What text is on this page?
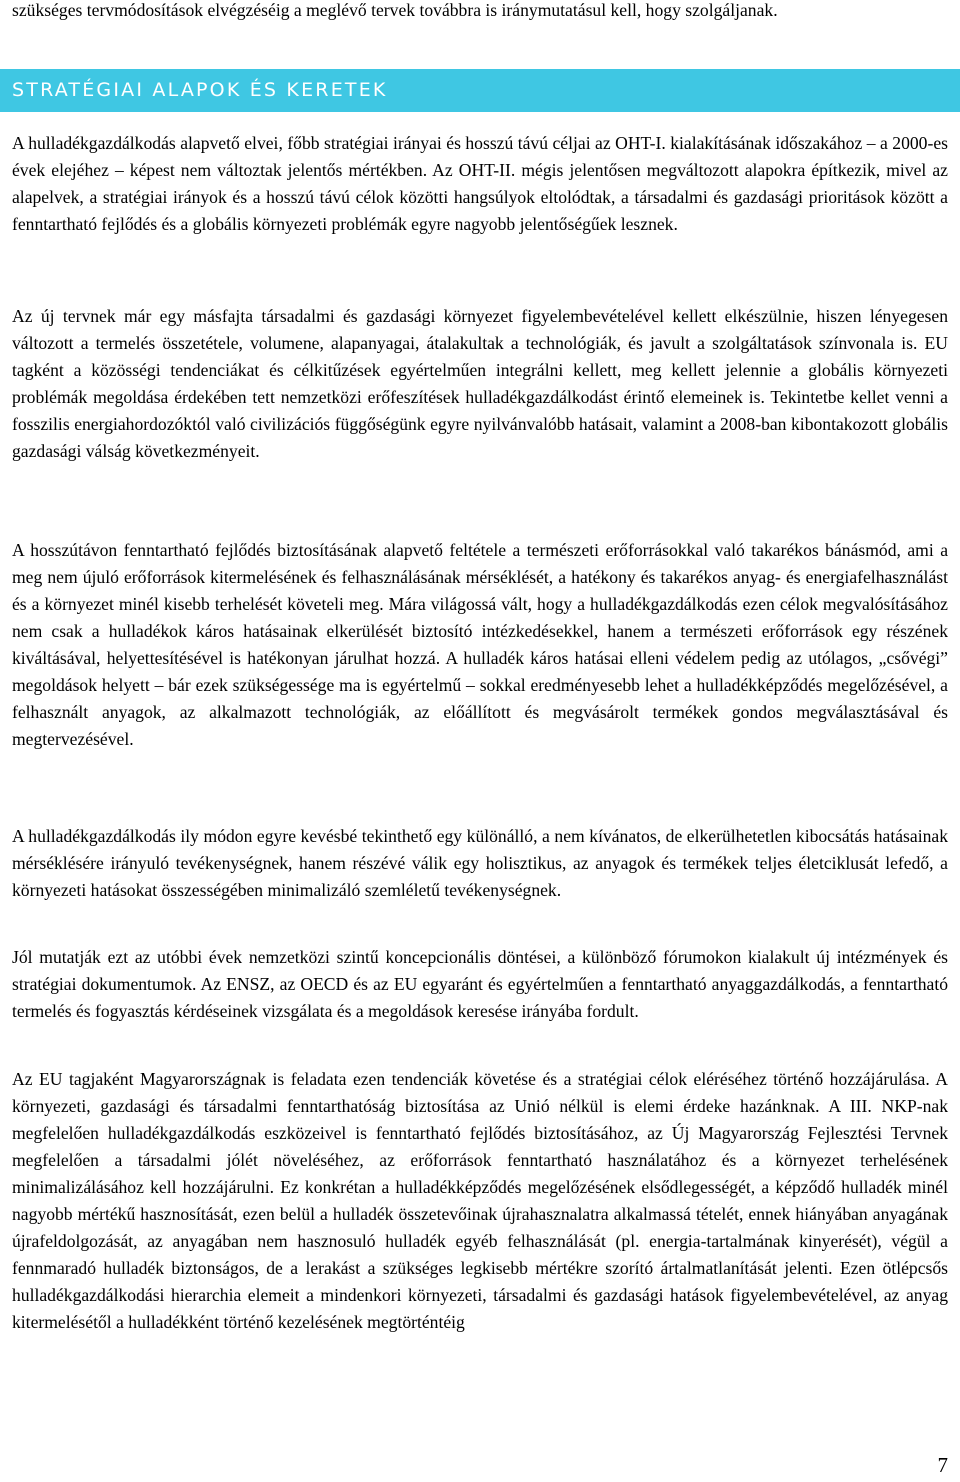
szükséges tervmódosítások elvégzéséig a meglévő tervek továbbra is iránymutatásul kell, hogy szolgáljanak.

STRATÉGIAI ALAPOK ÉS KERETEK

A hulladékgazdálkodás alapvető elvei, főbb stratégiai irányai és hosszú távú céljai az OHT-I. kialakításának időszakához – a 2000-es évek elejéhez – képest nem változtak jelentős mértékben. Az OHT-II. mégis jelentősen megváltozott alapokra építkezik, mivel az alapelvek, a stratégiai irányok és a hosszú távú célok közötti hangsúlyok eltolódtak, a társadalmi és gazdasági prioritások között a fenntartható fejlődés és a globális környezeti problémák egyre nagyobb jelentőségűek lesznek.

Az új tervnek már egy másfajta társadalmi és gazdasági környezet figyelembevételével kellett elkészülnie, hiszen lényegesen változott a termelés összetétele, volumene, alapanyagai, átalakultak a technológiák, és javult a szolgáltatások színvonala is. EU tagként a közösségi tendenciákat és célkitűzések egyértelműen integrálni kellett, meg kellett jelennie a globális környezeti problémák megoldása érdekében tett nemzetközi erőfeszítések hulladékgazdálkodást érintő elemeinek is. Tekintetbe kellet venni a fosszilis energiahordozóktól való civilizációs függőségünk egyre nyilvánvalóbb hatásait, valamint a 2008-ban kibontakozott globális gazdasági válság következményeit.

A hosszútávon fenntartható fejlődés biztosításának alapvető feltétele a természeti erőforrásokkal való takarékos bánásmód, ami a meg nem újuló erőforrások kitermelésének és felhasználásának mérséklését, a hatékony és takarékos anyag- és energiafelhasználást és a környezet minél kisebb terhelését követeli meg. Mára világossá vált, hogy a hulladékgazdálkodás ezen célok megvalósításához nem csak a hulladékok káros hatásainak elkerülését biztosító intézkedésekkel, hanem a természeti erőforrások egy részének kiváltásával, helyettesítésével is hatékonyan járulhat hozzá. A hulladék káros hatásai elleni védelem pedig az utólagos, „csővégi” megoldások helyett – bár ezek szükségessége ma is egyértelmű – sokkal eredményesebb lehet a hulladékképződés megelőzésével, a felhasznált anyagok, az alkalmazott technológiák, az előállított és megvásárolt termékek gondos megválasztásával és megtervezésével.

A hulladékgazdálkodás ily módon egyre kevésbé tekinthető egy különálló, a nem kívánatos, de elkerülhetetlen kibocsátás hatásainak mérséklésére irányuló tevékenységnek, hanem részévé válik egy holisztikus, az anyagok és termékek teljes életciklusát lefedő, a környezeti hatásokat összességében minimalizáló szemléletű tevékenységnek.

Jól mutatják ezt az utóbbi évek nemzetközi szintű koncepcionális döntései, a különböző fórumokon kialakult új intézmények és stratégiai dokumentumok. Az ENSZ, az OECD és az EU egyaránt és egyértelműen a fenntartható anyaggazdálkodás, a fenntartható termelés és fogyasztás kérdéseinek vizsgálata és a megoldások keresése irányába fordult.

Az EU tagjaként Magyarországnak is feladata ezen tendenciák követése és a stratégiai célok eléréséhez történő hozzájárulása. A környezeti, gazdasági és társadalmi fenntarthatóság biztosítása az Unió nélkül is elemi érdeke hazánknak. A III. NKP-nak megfelelően hulladékgazdálkodás eszközeivel is fenntartható fejlődés biztosításához, az Új Magyarország Fejlesztési Tervnek megfelelően a társadalmi jólét növeléséhez, az erőforrások fenntartható használatához és a környezet terhelésének minimalizálásához kell hozzájárulni. Ez konkrétan a hulladékképződés megelőzésének elsődlegességét, a képződő hulladék minél nagyobb mértékű hasznosítását, ezen belül a hulladék összetevőinak újrahasznalatra alkalmassá tételét, ennek hiányában anyagának újrafeldolgozását, az anyagában nem hasznosuló hulladék egyéb felhasználását (pl. energia-tartalmának kinyerését), végül a fennmaradó hulladék biztonságos, de a lerakást a szükséges legkisebb mértékre szorító ártalmatlanítását jelenti. Ezen ötlépcsős hulladékgazdálkodási hierarchia elemeit a mindenkori környezeti, társadalmi és gazdasági hatások figyelembevételével, az anyag kitermelésétől a hulladékként történő kezelésének megtörténtéig

7
